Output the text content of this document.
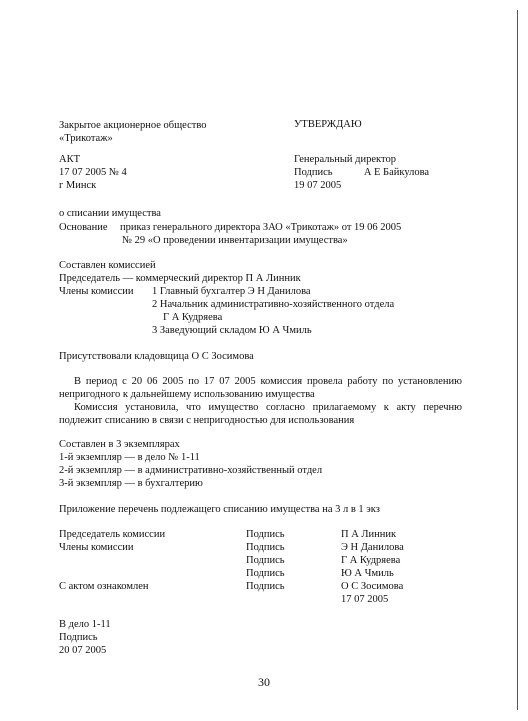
Закрытое акционерное общество
«Трикотаж»
УТВЕРЖДАЮ
Генеральный директор
Подпись	А Е Байкулова
19 07 2005
АКТ
17 07 2005 № 4
г Минск
о списании имущества
Основание приказ генерального директора ЗАО «Трикотаж» от 19 06 2005
№ 29 «О проведении инвентаризации имущества»
Составлен комиссией
Председатель — коммерческий директор П А Линник
Члены комиссии 1 Главный бухгалтер Э Н Данилова
2 Начальник административно-хозяйственного отдела
Г А Кудряева
3 Заведующий складом Ю А Чмиль
Присутствовали кладовщица О С Зосимова
В период с 20 06 2005 по 17 07 2005 комиссия провела работу по установлению непригодного к дальнейшему использованию имущества
Комиссия установила, что имущество согласно прилагаемому к акту перечню подлежит списанию в связи с непригодностью для использования
Составлен в 3 экземплярах
1-й экземпляр — в дело № 1-11
2-й экземпляр — в административно-хозяйственный отдел
3-й экземпляр — в бухгалтерию
Приложение перечень подлежащего списанию имущества на 3 л в 1 экз
Председатель комиссии
Члены комиссии
С актом ознакомлен
Подпись
Подпись
Подпись
Подпись
Подпись
П А Линник
Э Н Данилова
Г А Кудряева
Ю А Чмиль
О С Зосимова
17 07 2005
В дело 1-11
Подпись
20 07 2005
30
